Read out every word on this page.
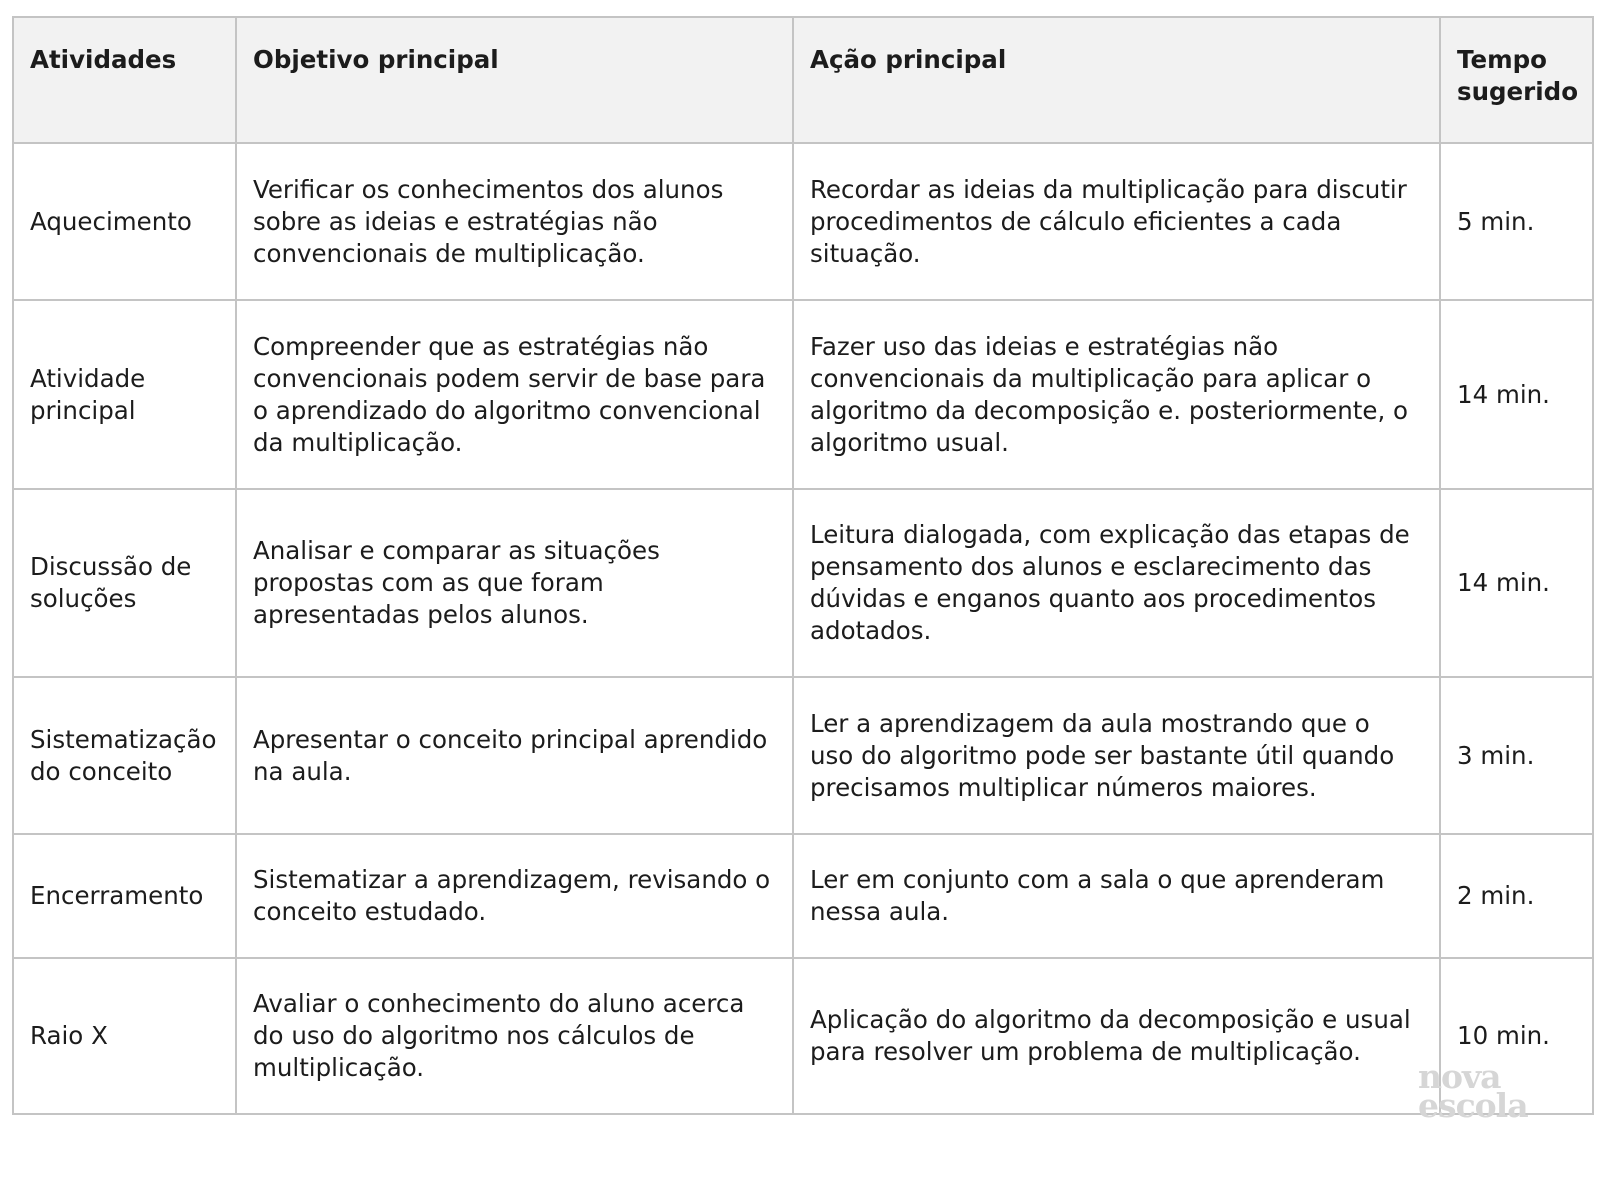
Atividades	Objetivo principal	Ação principal	Tempo
sugerido
Aquecimento	Verificar os conhecimentos dos alunos
sobre as ideias e estratégias não
convencionais de multiplicação.	Recordar as ideias da multiplicação para discutir
procedimentos de cálculo eficientes a cada
situação.	5 min.
Atividade
principal	Compreender que as estratégias não
convencionais podem servir de base para
o aprendizado do algoritmo convencional
da multiplicação.	Fazer uso das ideias e estratégias não
convencionais da multiplicação para aplicar o
algoritmo da decomposição e. posteriormente, o
algoritmo usual.	14 min.
Discussão de
soluções	Analisar e comparar as situações
propostas com as que foram
apresentadas pelos alunos.	Leitura dialogada, com explicação das etapas de
pensamento dos alunos e esclarecimento das
dúvidas e enganos quanto aos procedimentos
adotados.	14 min.
Sistematização
do conceito	Apresentar o conceito principal aprendido
na aula.	Ler a aprendizagem da aula mostrando que o
uso do algoritmo pode ser bastante útil quando
precisamos multiplicar números maiores.	3 min.
Encerramento	Sistematizar a aprendizagem, revisando o
conceito estudado.	Ler em conjunto com a sala o que aprenderam
nessa aula.	2 min.
Raio X	Avaliar o conhecimento do aluno acerca
do uso do algoritmo nos cálculos de
multiplicação.	Aplicação do algoritmo da decomposição e usual
para resolver um problema de multiplicação.	10 min.
nova
escola
